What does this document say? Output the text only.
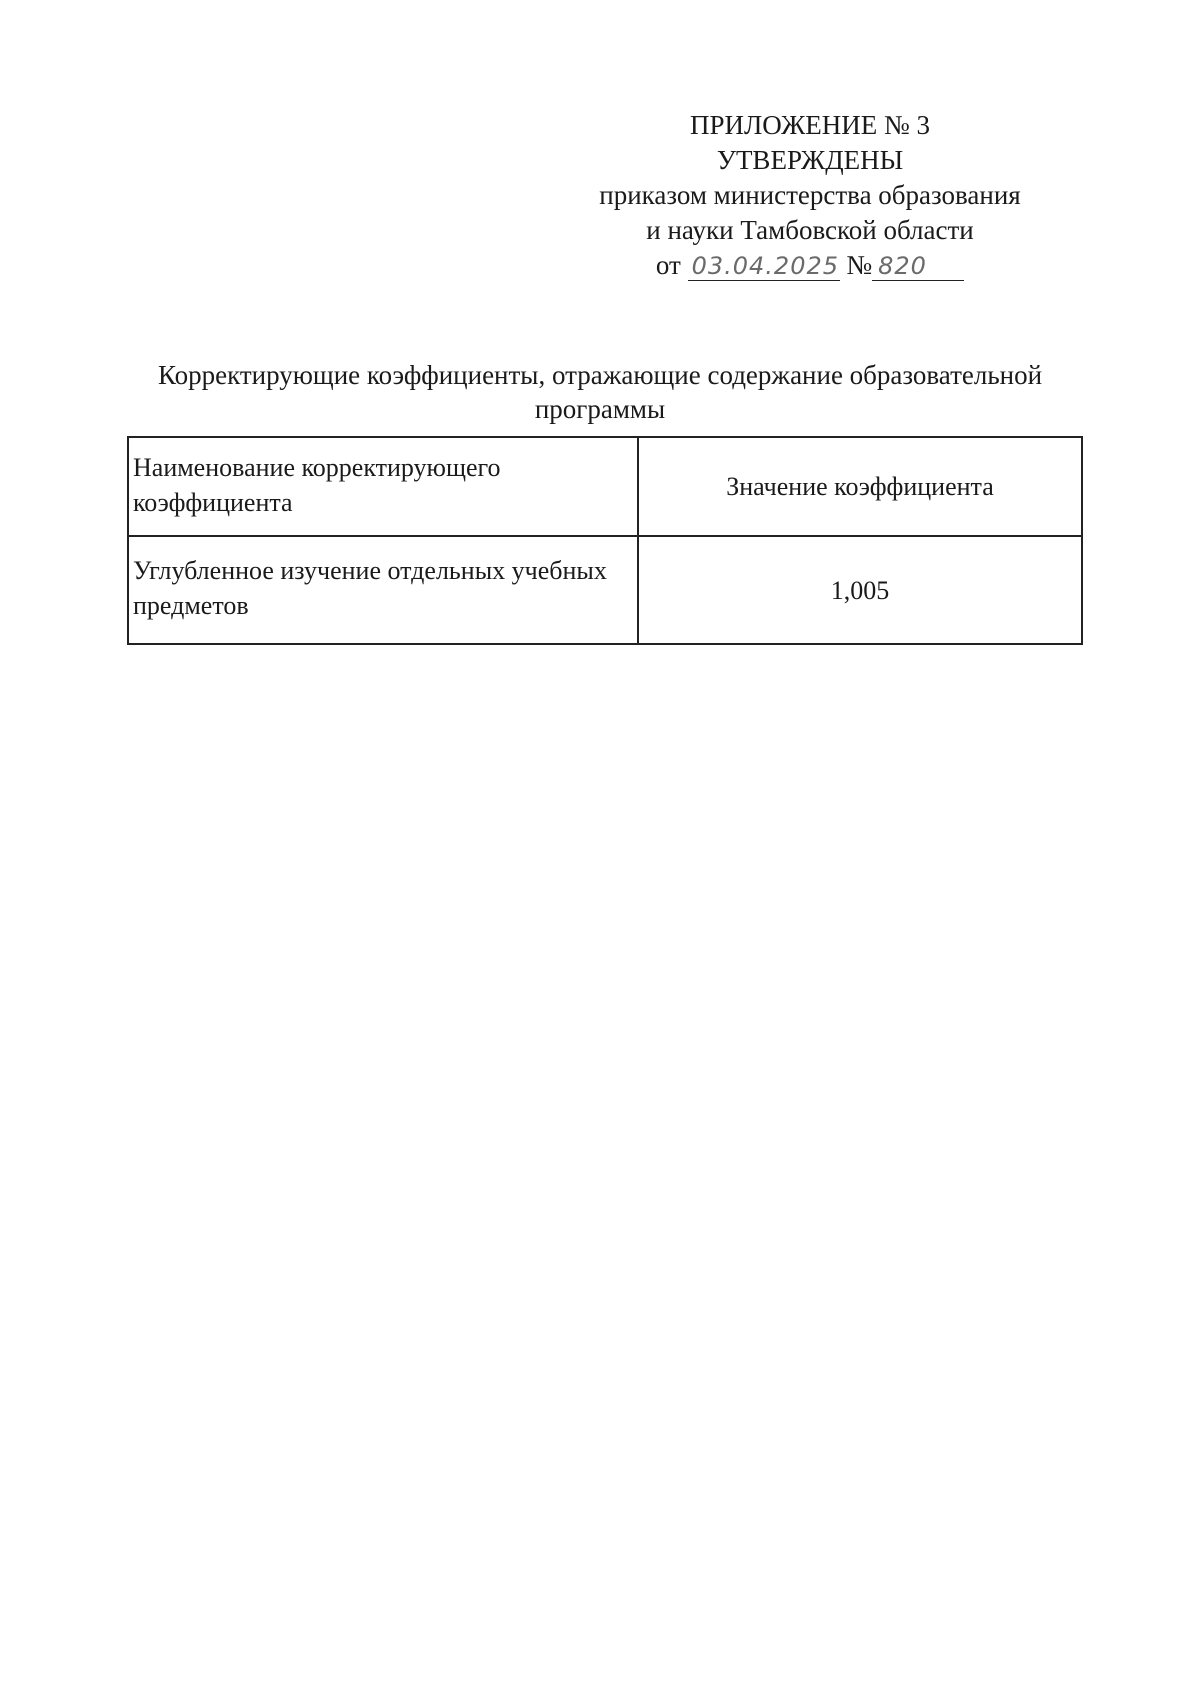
ПРИЛОЖЕНИЕ № 3
УТВЕРЖДЕНЫ
приказом министерства образования
и науки Тамбовской области
от 03.04.2025 № 820
Корректирующие коэффициенты, отражающие содержание образовательной программы
Наименование корректирующего коэффициента	Значение коэффициента
Углубленное изучение отдельных учебных предметов	1,005
